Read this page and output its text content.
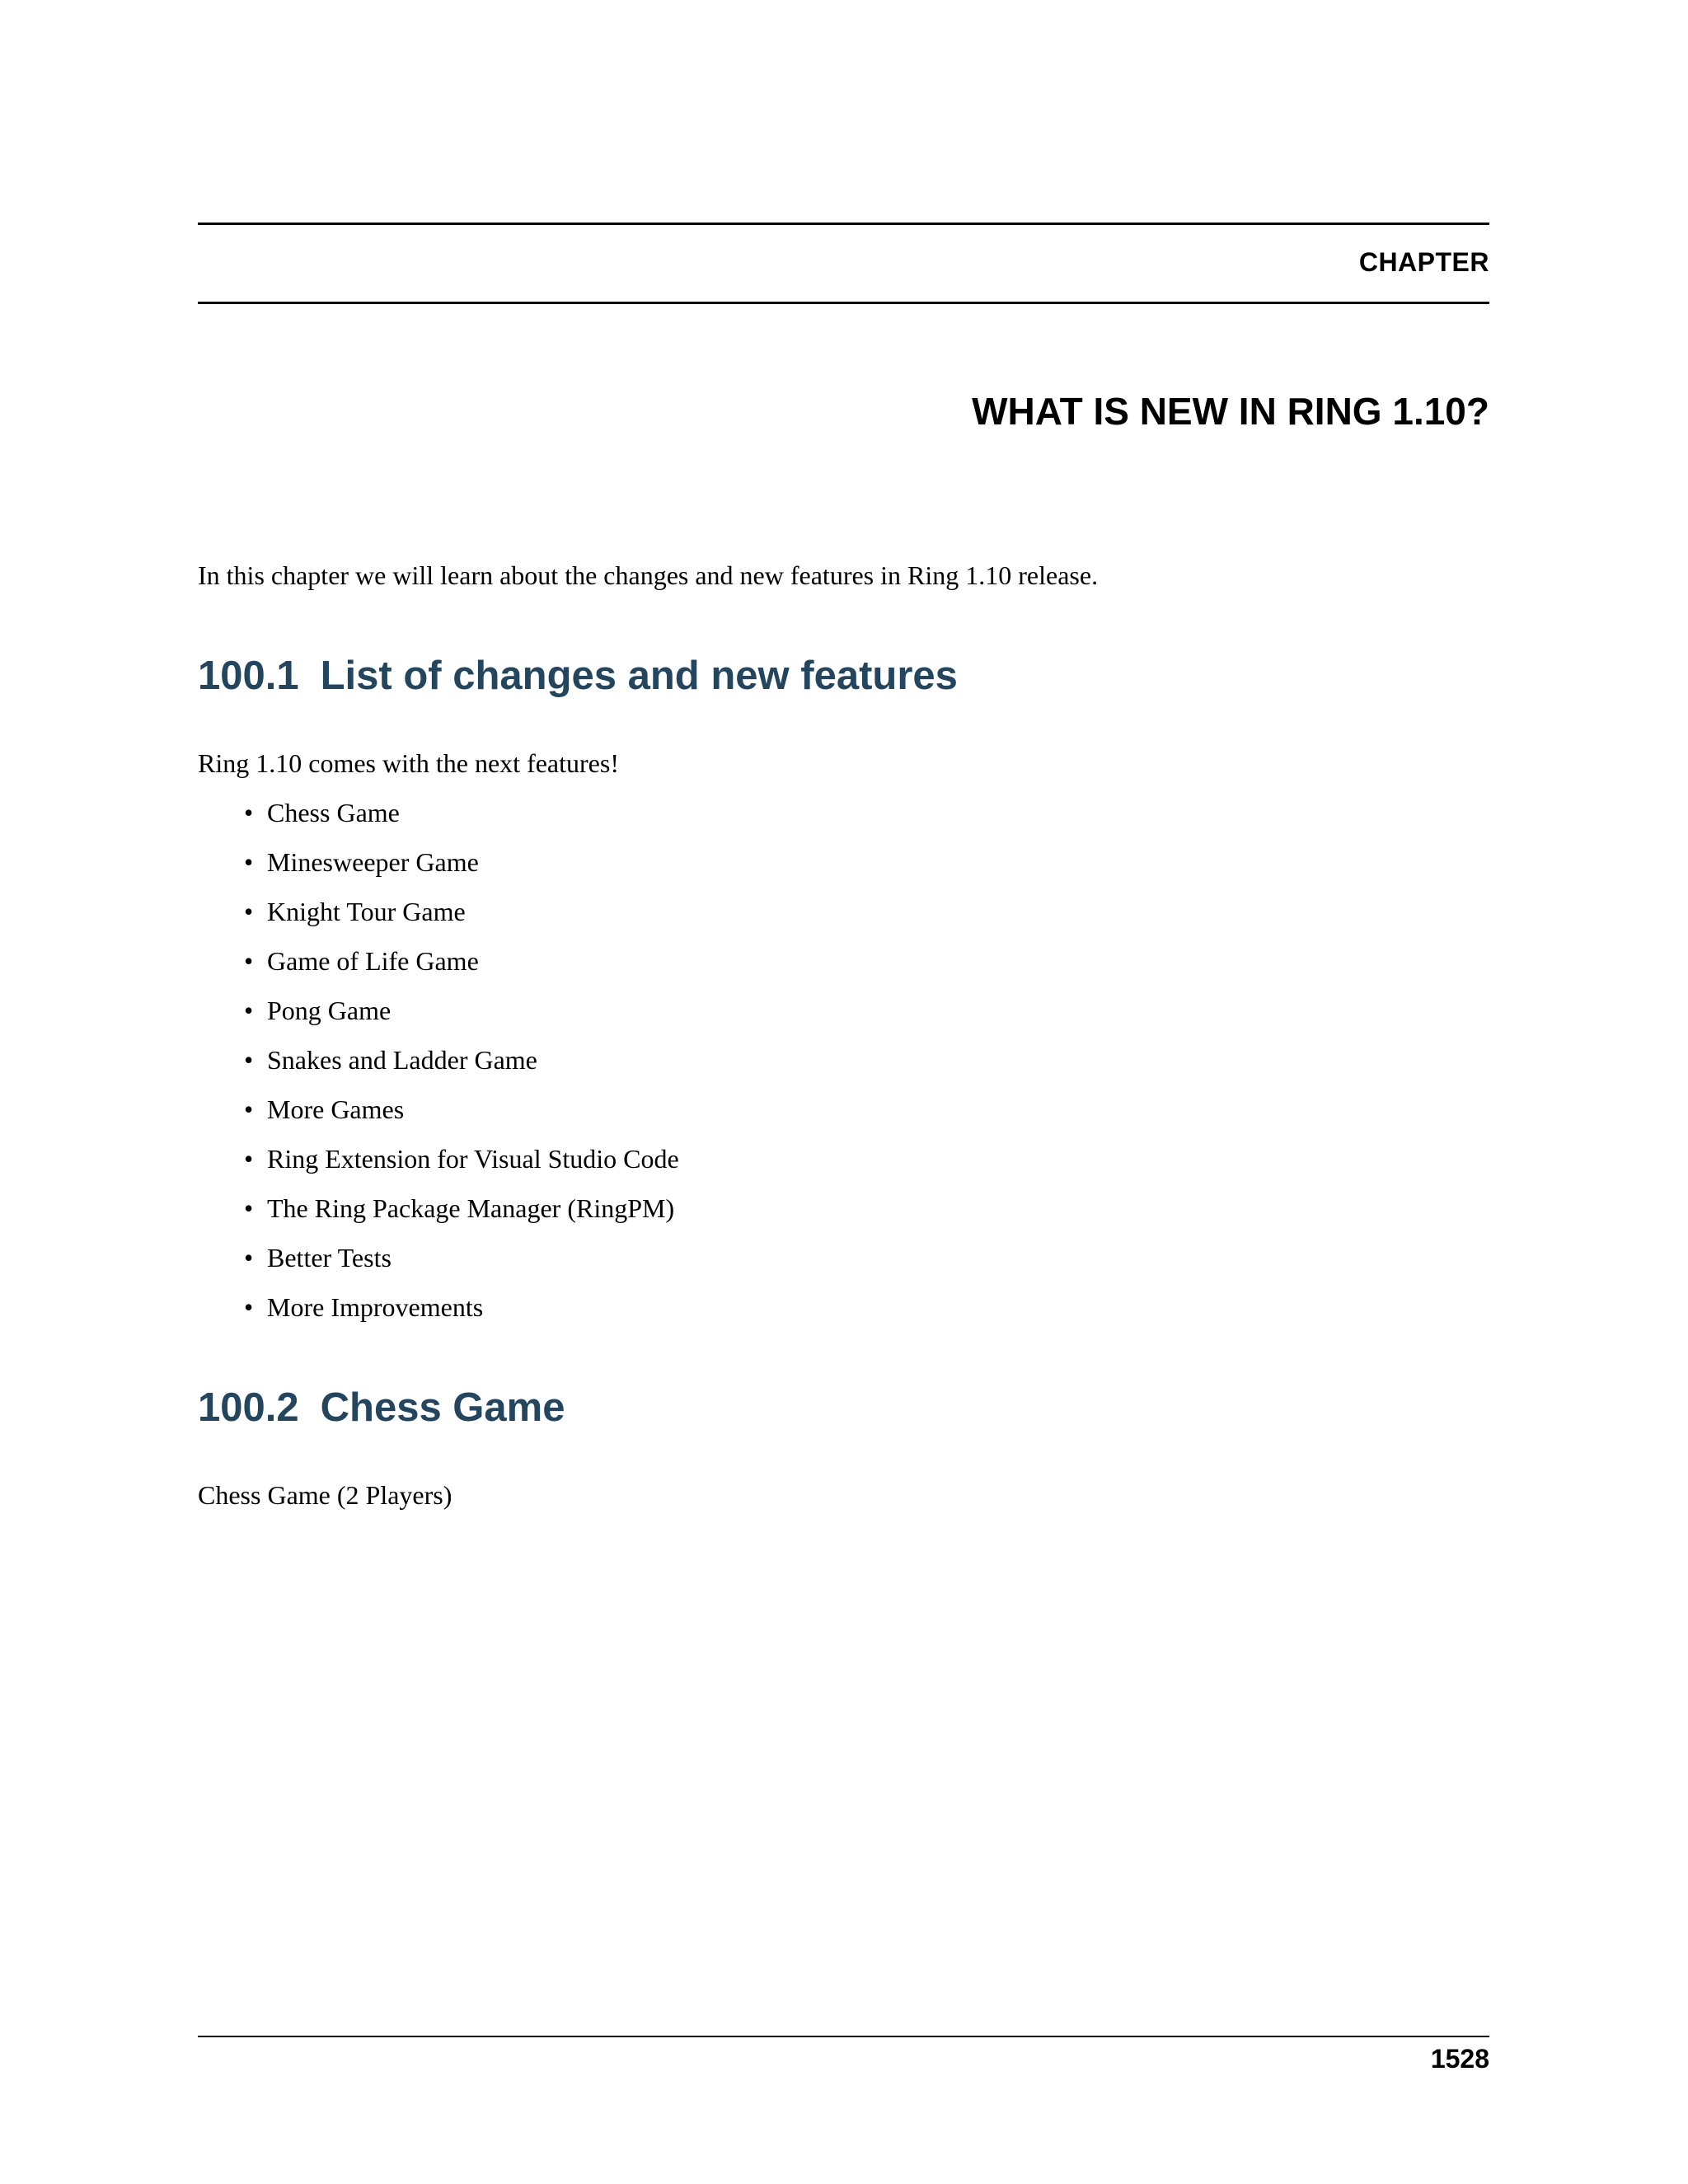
CHAPTER
WHAT IS NEW IN RING 1.10?

In this chapter we will learn about the changes and new features in Ring 1.10 release.

100.1 List of changes and new features

Ring 1.10 comes with the next features!

• Chess Game
• Minesweeper Game
• Knight Tour Game
• Game of Life Game
• Pong Game
• Snakes and Ladder Game
• More Games
• Ring Extension for Visual Studio Code
• The Ring Package Manager (RingPM)
• Better Tests
• More Improvements
100.2 Chess Game

Chess Game (2 Players)

1528
